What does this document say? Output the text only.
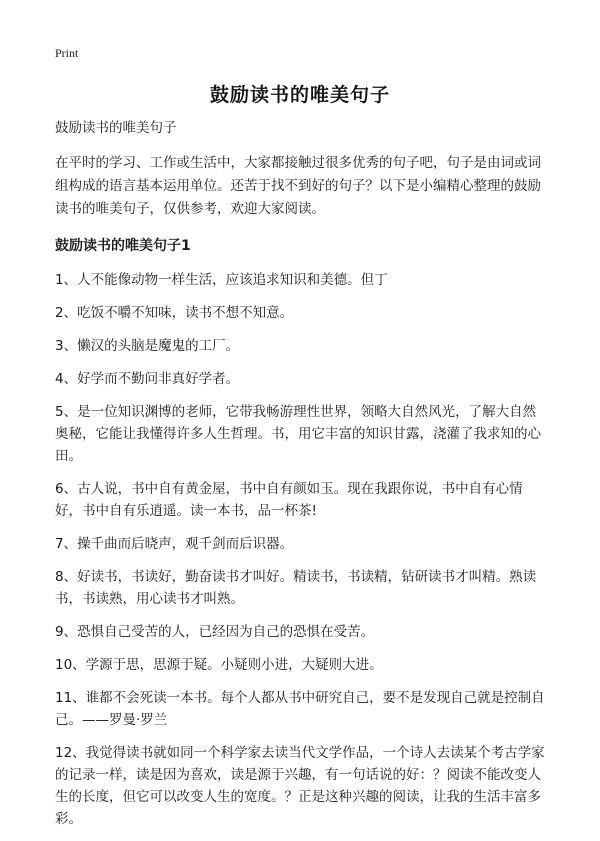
Print
鼓励读书的唯美句子

鼓励读书的唯美句子

在平时的学习、工作或生活中，大家都接触过很多优秀的句子吧，句子是由词或词组构成的语言基本运用单位。还苦于找不到好的句子？以下是小编精心整理的鼓励读书的唯美句子，仅供参考，欢迎大家阅读。

鼓励读书的唯美句子1

1、人不能像动物一样生活，应该追求知识和美德。但丁

2、吃饭不嚼不知味，读书不想不知意。

3、懒汉的头脑是魔鬼的工厂。

4、好学而不勤问非真好学者。

5、是一位知识渊博的老师，它带我畅游理性世界，领略大自然风光，了解大自然奥秘，它能让我懂得许多人生哲理。书，用它丰富的知识甘露，浇灌了我求知的心田。

6、古人说，书中自有黄金屋，书中自有颜如玉。现在我跟你说，书中自有心情好，书中自有乐逍遥。读一本书，品一杯茶!

7、操千曲而后晓声，观千剑而后识器。

8、好读书，书读好，勤奋读书才叫好。精读书，书读精，钻研读书才叫精。熟读书，书读熟，用心读书才叫熟。

9、恐惧自己受苦的人，已经因为自己的恐惧在受苦。

10、学源于思，思源于疑。小疑则小进，大疑则大进。

11、谁都不会死读一本书。每个人都从书中研究自己，要不是发现自己就是控制自己。——罗曼·罗兰

12、我觉得读书就如同一个科学家去读当代文学作品，一个诗人去读某个考古学家的记录一样，读是因为喜欢，读是源于兴趣，有一句话说的好：？阅读不能改变人生的长度，但它可以改变人生的宽度。？正是这种兴趣的阅读，让我的生活丰富多彩。
